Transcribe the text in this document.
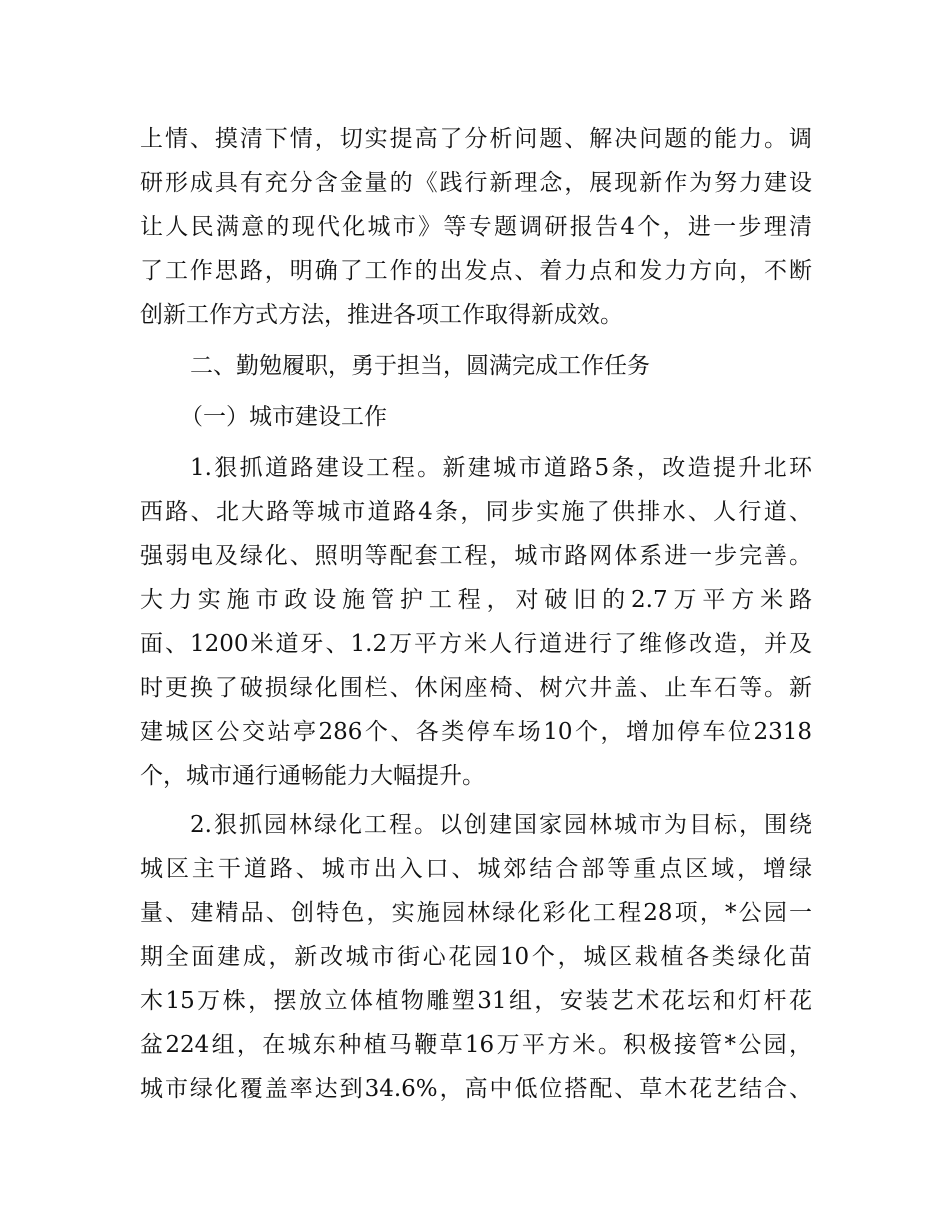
上情、摸清下情，切实提高了分析问题、解决问题的能力。调
研形成具有充分含金量的《践行新理念，展现新作为努力建设
让人民满意的现代化城市》等专题调研报告4个，进一步理清
了工作思路，明确了工作的出发点、着力点和发力方向，不断
创新工作方式方法，推进各项工作取得新成效。
二、勤勉履职，勇于担当，圆满完成工作任务
（一）城市建设工作
1.狠抓道路建设工程。新建城市道路5条，改造提升北环
西路、北大路等城市道路4条，同步实施了供排水、人行道、
强弱电及绿化、照明等配套工程，城市路网体系进一步完善。
大力实施市政设施管护工程，对破旧的2.7万平方米路
面、1200米道牙、1.2万平方米人行道进行了维修改造，并及
时更换了破损绿化围栏、休闲座椅、树穴井盖、止车石等。新
建城区公交站亭286个、各类停车场10个，增加停车位2318
个，城市通行通畅能力大幅提升。
2.狠抓园林绿化工程。以创建国家园林城市为目标，围绕
城区主干道路、城市出入口、城郊结合部等重点区域，增绿
量、建精品、创特色，实施园林绿化彩化工程28项，*公园一
期全面建成，新改城市街心花园10个，城区栽植各类绿化苗
木15万株，摆放立体植物雕塑31组，安装艺术花坛和灯杆花
盆224组，在城东种植马鞭草16万平方米。积极接管*公园，
城市绿化覆盖率达到34.6%，高中低位搭配、草木花艺结合、
